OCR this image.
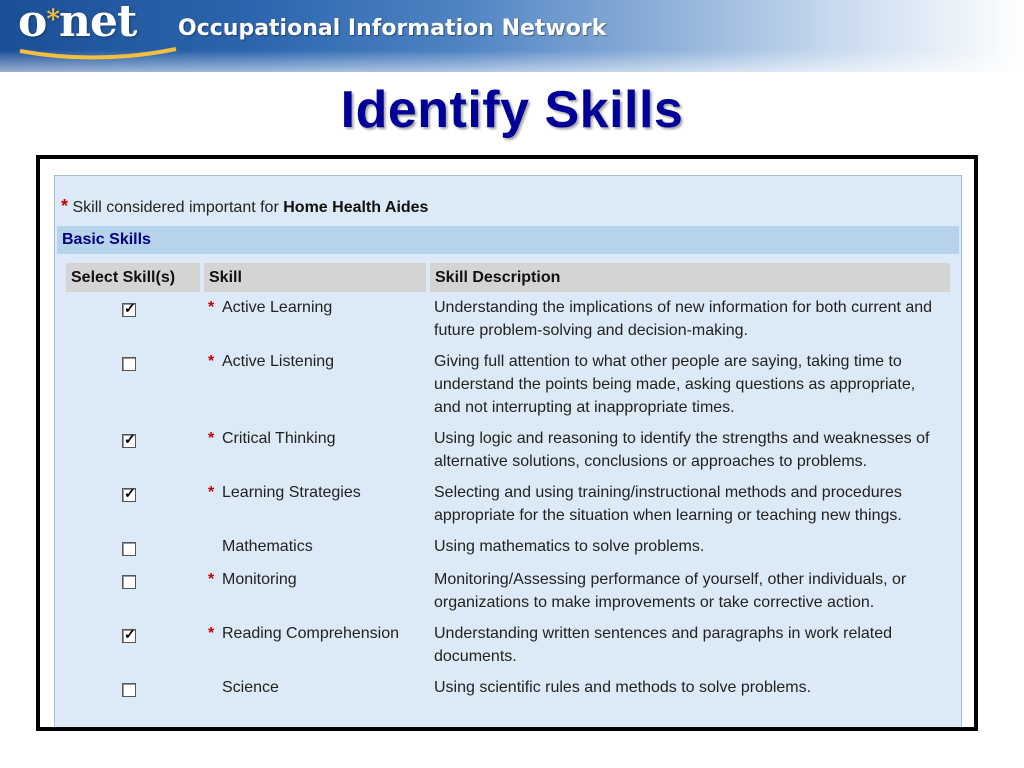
o*net Occupational Information Network
Identify Skills
* Skill considered important for Home Health Aides
Basic Skills
Select Skill(s)	Skill	Skill Description

✓	* Active Learning	Understanding the implications of new information for both current and future problem-solving and decision-making.

	* Active Listening	Giving full attention to what other people are saying, taking time to understand the points being made, asking questions as appropriate, and not interrupting at inappropriate times.

✓	* Critical Thinking	Using logic and reasoning to identify the strengths and weaknesses of alternative solutions, conclusions or approaches to problems.

✓	* Learning Strategies	Selecting and using training/instructional methods and procedures appropriate for the situation when learning or teaching new things.

	Mathematics	Using mathematics to solve problems.

	* Monitoring	Monitoring/Assessing performance of yourself, other individuals, or organizations to make improvements or take corrective action.

✓	* Reading Comprehension	Understanding written sentences and paragraphs in work related documents.

	Science	Using scientific rules and methods to solve problems.
